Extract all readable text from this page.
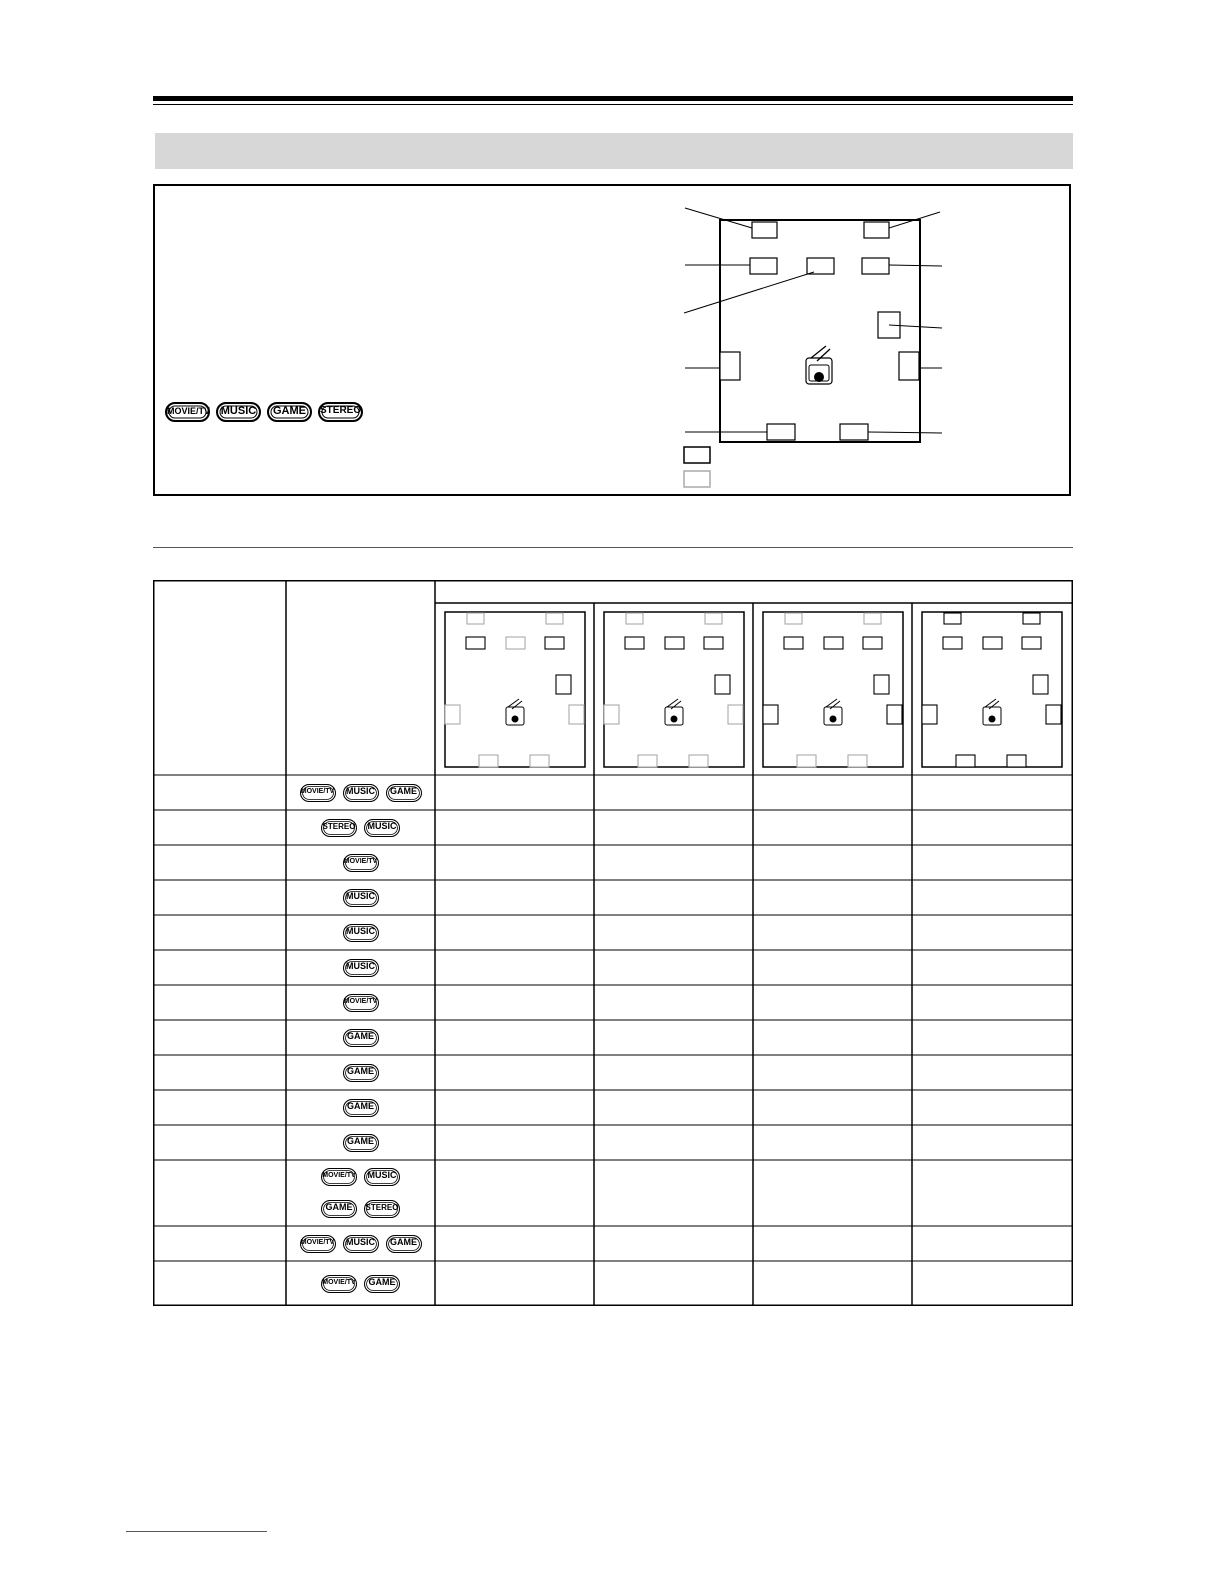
MOVIE/TV MUSIC	GAME	STEREO
MOVIE/TV	MUSIC	GAME
STEREO	MUSIC
MOVIE/TV
MUSIC
MUSIC
MUSIC
MOVIE/TV
GAME
GAME
GAME
GAME
MOVIE/TV	MUSIC
GAME	STEREO
MOVIE/TV	MUSIC	GAME
MOVIE/TV	GAME
